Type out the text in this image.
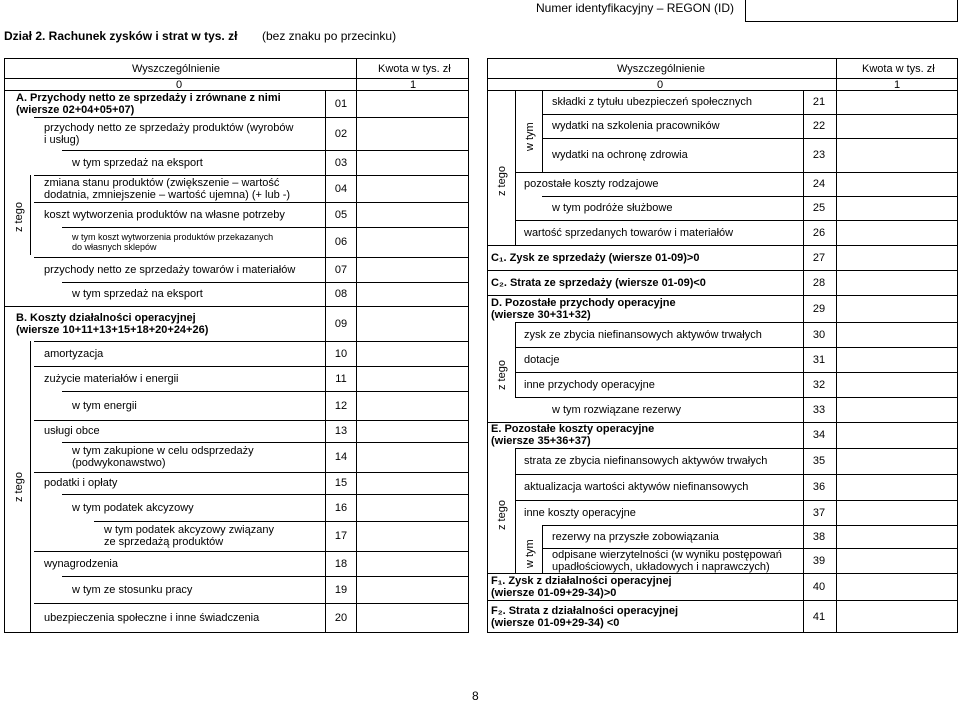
Numer identyfikacyjny – REGON (ID)
Dział 2. Rachunek zysków i strat w tys. zł (bez znaku po przecinku)
Wyszczególnienie	Kwota w tys. zł
0	1
z tego
z tego
A. Przychody netto ze sprzedaży i zrównane z nimi
(wiersze 02+04+05+07)	01
przychody netto ze sprzedaży produktów (wyrobów
i usług)	02
w tym sprzedaż na eksport	03
zmiana stanu produktów (zwiększenie – wartość
dodatnia, zmniejszenie – wartość ujemna) (+ lub -)	04
koszt wytworzenia produktów na własne potrzeby	05
w tym koszt wytworzenia produktów przekazanych
do własnych sklepów	06
przychody netto ze sprzedaży towarów i materiałów	07
w tym sprzedaż na eksport	08
B. Koszty działalności operacyjnej
(wiersze 10+11+13+15+18+20+24+26)	09
amortyzacja	10
zużycie materiałów i energii	11
w tym energii	12
usługi obce	13
w tym zakupione w celu odsprzedaży
(podwykonawstwo)	14
podatki i opłaty	15
w tym podatek akcyzowy	16
w tym podatek akcyzowy związany
ze sprzedażą produktów	17
wynagrodzenia	18
w tym ze stosunku pracy	19
ubezpieczenia społeczne i inne świadczenia	20
Wyszczególnienie	Kwota w tys. zł
0	1
w tym
z tego
z tego
z tego
w tym
składki z tytułu ubezpieczeń społecznych	21
wydatki na szkolenia pracowników	22
wydatki na ochronę zdrowia	23
pozostałe koszty rodzajowe	24
w tym podróże służbowe	25
wartość sprzedanych towarów i materiałów	26
C₁. Zysk ze sprzedaży (wiersze 01-09)>0	27
C₂. Strata ze sprzedaży (wiersze 01-09)<0	28
D. Pozostałe przychody operacyjne
(wiersze 30+31+32)	29
zysk ze zbycia niefinansowych aktywów trwałych	30
dotacje	31
inne przychody operacyjne	32
w tym rozwiązane rezerwy	33
E. Pozostałe koszty operacyjne
(wiersze 35+36+37)	34
strata ze zbycia niefinansowych aktywów trwałych	35
aktualizacja wartości aktywów niefinansowych	36
inne koszty operacyjne	37
rezerwy na przyszłe zobowiązania	38
odpisane wierzytelności (w wyniku postępowań
upadłościowych, układowych i naprawczych)	39
F₁. Zysk z działalności operacyjnej
(wiersze 01-09+29-34)>0	40
F₂. Strata z działalności operacyjnej
(wiersze 01-09+29-34) <0	41
8
